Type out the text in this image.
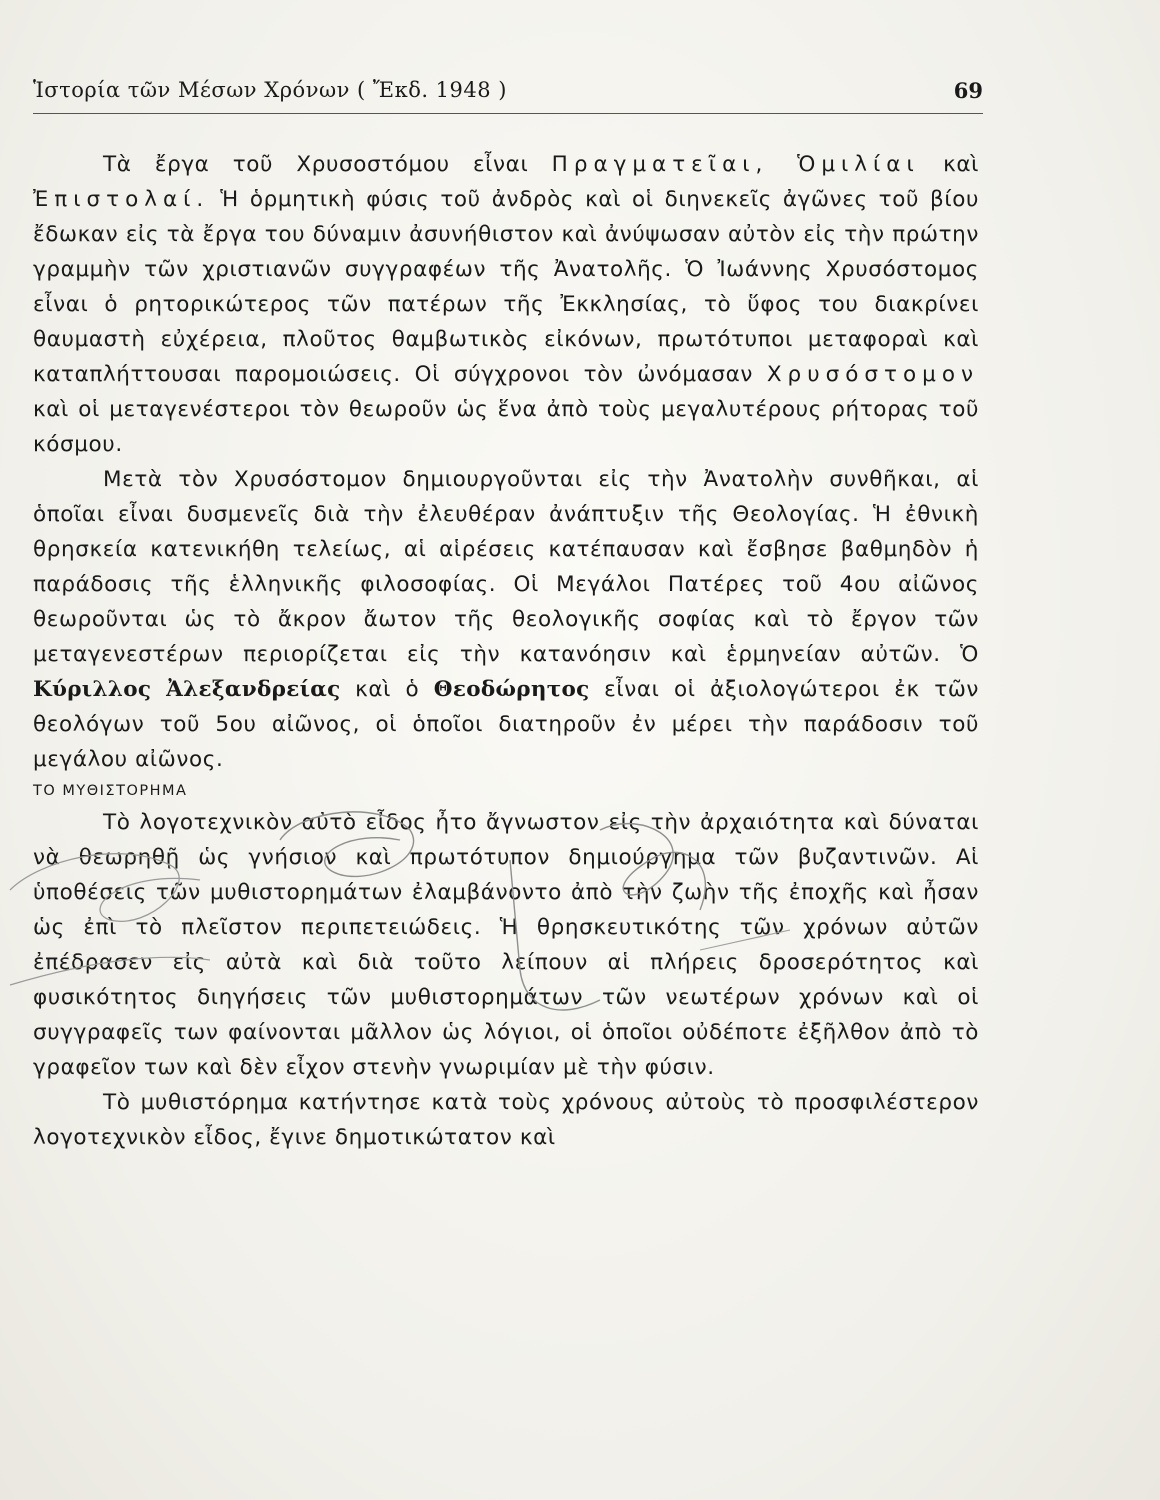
Ἱστορία τῶν Μέσων Χρόνων ( Ἔκδ. 1948 )	69

Τὰ ἔργα τοῦ Χρυσοστόμου εἶναι Πραγματεῖαι, Ὁμιλίαι καὶ Ἐπιστολαί. Ἡ ὁρμητικὴ φύσις τοῦ ἀνδρὸς καὶ οἱ διηνεκεῖς ἀγῶνες τοῦ βίου ἔδωκαν εἰς τὰ ἔργα του δύναμιν ἀσυνήθιστον καὶ ἀνύψωσαν αὐτὸν εἰς τὴν πρώτην γραμμὴν τῶν χριστιανῶν συγγραφέων τῆς Ἀνατολῆς. Ὁ Ἰωάννης Χρυσόστομος εἶναι ὁ ρητορικώτερος τῶν πατέρων τῆς Ἐκκλησίας, τὸ ὕφος του διακρίνει θαυμαστὴ εὐχέρεια, πλοῦτος θαμβωτικὸς εἰκόνων, πρωτότυποι μεταφοραὶ καὶ καταπλήττουσαι παρομοιώσεις. Οἱ σύγχρονοι τὸν ὠνόμασαν Χρυσόστομον καὶ οἱ μεταγενέστεροι τὸν θεωροῦν ὡς ἕνα ἀπὸ τοὺς μεγαλυτέρους ρήτορας τοῦ κόσμου.

Μετὰ τὸν Χρυσόστομον δημιουργοῦνται εἰς τὴν Ἀνατολὴν συνθῆκαι, αἱ ὁποῖαι εἶναι δυσμενεῖς διὰ τὴν ἐλευθέραν ἀνάπτυξιν τῆς Θεολογίας. Ἡ ἐθνικὴ θρησκεία κατενικήθη τελείως, αἱ αἱρέσεις κατέπαυσαν καὶ ἔσβησε βαθμηδὸν ἡ παράδοσις τῆς ἑλληνικῆς φιλοσοφίας. Οἱ Μεγάλοι Πατέρες τοῦ 4ου αἰῶνος θεωροῦνται ὡς τὸ ἄκρον ἄωτον τῆς θεολογικῆς σοφίας καὶ τὸ ἔργον τῶν μεταγενεστέρων περιορίζεται εἰς τὴν κατανόησιν καὶ ἑρμηνείαν αὐτῶν. Ὁ Κύριλλος Ἀλεξανδρείας καὶ ὁ Θεοδώρητος εἶναι οἱ ἀξιολογώτεροι ἐκ τῶν θεολόγων τοῦ 5ου αἰῶνος, οἱ ὁποῖοι διατηροῦν ἐν μέρει τὴν παράδοσιν τοῦ μεγάλου αἰῶνος.

ΤΟ ΜΥΘΙΣΤΟΡΗΜΑ

Τὸ λογοτεχνικὸν αὐτὸ εἶδος ἦτο ἄγνωστον εἰς τὴν ἀρχαιότητα καὶ δύναται νὰ θεωρηθῇ ὡς γνήσιον καὶ πρωτότυπον δημιούργημα τῶν βυζαντινῶν. Αἱ ὑποθέσεις τῶν μυθιστορημάτων ἐλαμβάνοντο ἀπὸ τὴν ζωὴν τῆς ἐποχῆς καὶ ἦσαν ὡς ἐπὶ τὸ πλεῖστον περιπετειώδεις. Ἡ θρησκευτικότης τῶν χρόνων αὐτῶν ἐπέδρασεν εἰς αὐτὰ καὶ διὰ τοῦτο λείπουν αἱ πλήρεις δροσερότητος καὶ φυσικότητος διηγήσεις τῶν μυθιστορημάτων τῶν νεωτέρων χρόνων καὶ οἱ συγγραφεῖς των φαίνονται μᾶλλον ὡς λόγιοι, οἱ ὁποῖοι οὐδέποτε ἐξῆλθον ἀπὸ τὸ γραφεῖον των καὶ δὲν εἶχον στενὴν γνωριμίαν μὲ τὴν φύσιν.

Τὸ μυθιστόρημα κατήντησε κατὰ τοὺς χρόνους αὐτοὺς τὸ προσφιλέστερον λογοτεχνικὸν εἶδος, ἔγινε δημοτικώτατον καὶ
